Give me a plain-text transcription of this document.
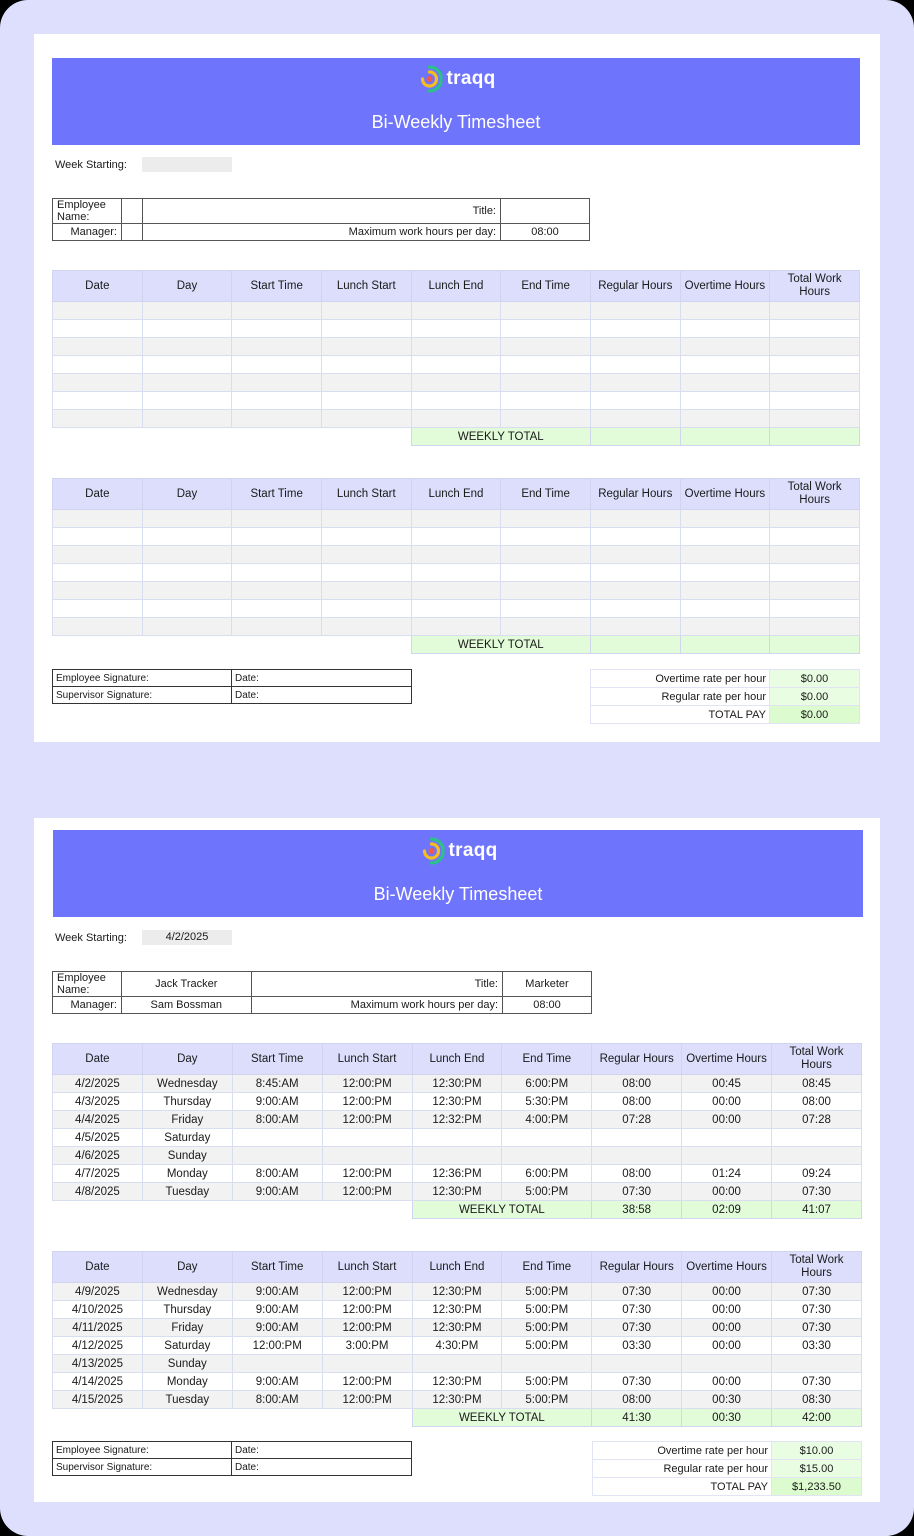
traqq
Bi-Weekly Timesheet
Week Starting:
Employee Name:		Title:	
Manager:		Maximum work hours per day:	08:00
Date	Day	Start Time	Lunch Start	Lunch End	End Time	Regular Hours	Overtime Hours	Total Work Hours

				WEEKLY TOTAL				
Date	Day	Start Time	Lunch Start	Lunch End	End Time	Regular Hours	Overtime Hours	Total Work Hours

				WEEKLY TOTAL				
Employee Signature:	Date:
Supervisor Signature:	Date:
Overtime rate per hour	$0.00
Regular rate per hour	$0.00
TOTAL PAY	$0.00
traqq
Bi-Weekly Timesheet
Week Starting:	4/2/2025
Employee Name:	Jack Tracker	Title:	Marketer
Manager:	Sam Bossman	Maximum work hours per day:	08:00
Date	Day	Start Time	Lunch Start	Lunch End	End Time	Regular Hours	Overtime Hours	Total Work Hours
4/2/2025	Wednesday	8:45:AM	12:00:PM	12:30:PM	6:00:PM	08:00	00:45	08:45
4/3/2025	Thursday	9:00:AM	12:00:PM	12:30:PM	5:30:PM	08:00	00:00	08:00
4/4/2025	Friday	8:00:AM	12:00:PM	12:32:PM	4:00:PM	07:28	00:00	07:28
4/5/2025	Saturday							
4/6/2025	Sunday							
4/7/2025	Monday	8:00:AM	12:00:PM	12:36:PM	6:00:PM	08:00	01:24	09:24
4/8/2025	Tuesday	9:00:AM	12:00:PM	12:30:PM	5:00:PM	07:30	00:00	07:30
				WEEKLY TOTAL		38:58	02:09	41:07
Date	Day	Start Time	Lunch Start	Lunch End	End Time	Regular Hours	Overtime Hours	Total Work Hours
4/9/2025	Wednesday	9:00:AM	12:00:PM	12:30:PM	5:00:PM	07:30	00:00	07:30
4/10/2025	Thursday	9:00:AM	12:00:PM	12:30:PM	5:00:PM	07:30	00:00	07:30
4/11/2025	Friday	9:00:AM	12:00:PM	12:30:PM	5:00:PM	07:30	00:00	07:30
4/12/2025	Saturday	12:00:PM	3:00:PM	4:30:PM	5:00:PM	03:30	00:00	03:30
4/13/2025	Sunday							
4/14/2025	Monday	9:00:AM	12:00:PM	12:30:PM	5:00:PM	07:30	00:00	07:30
4/15/2025	Tuesday	8:00:AM	12:00:PM	12:30:PM	5:00:PM	08:00	00:30	08:30
				WEEKLY TOTAL		41:30	00:30	42:00
Employee Signature:	Date:
Supervisor Signature:	Date:
Overtime rate per hour	$10.00
Regular rate per hour	$15.00
TOTAL PAY	$1,233.50
